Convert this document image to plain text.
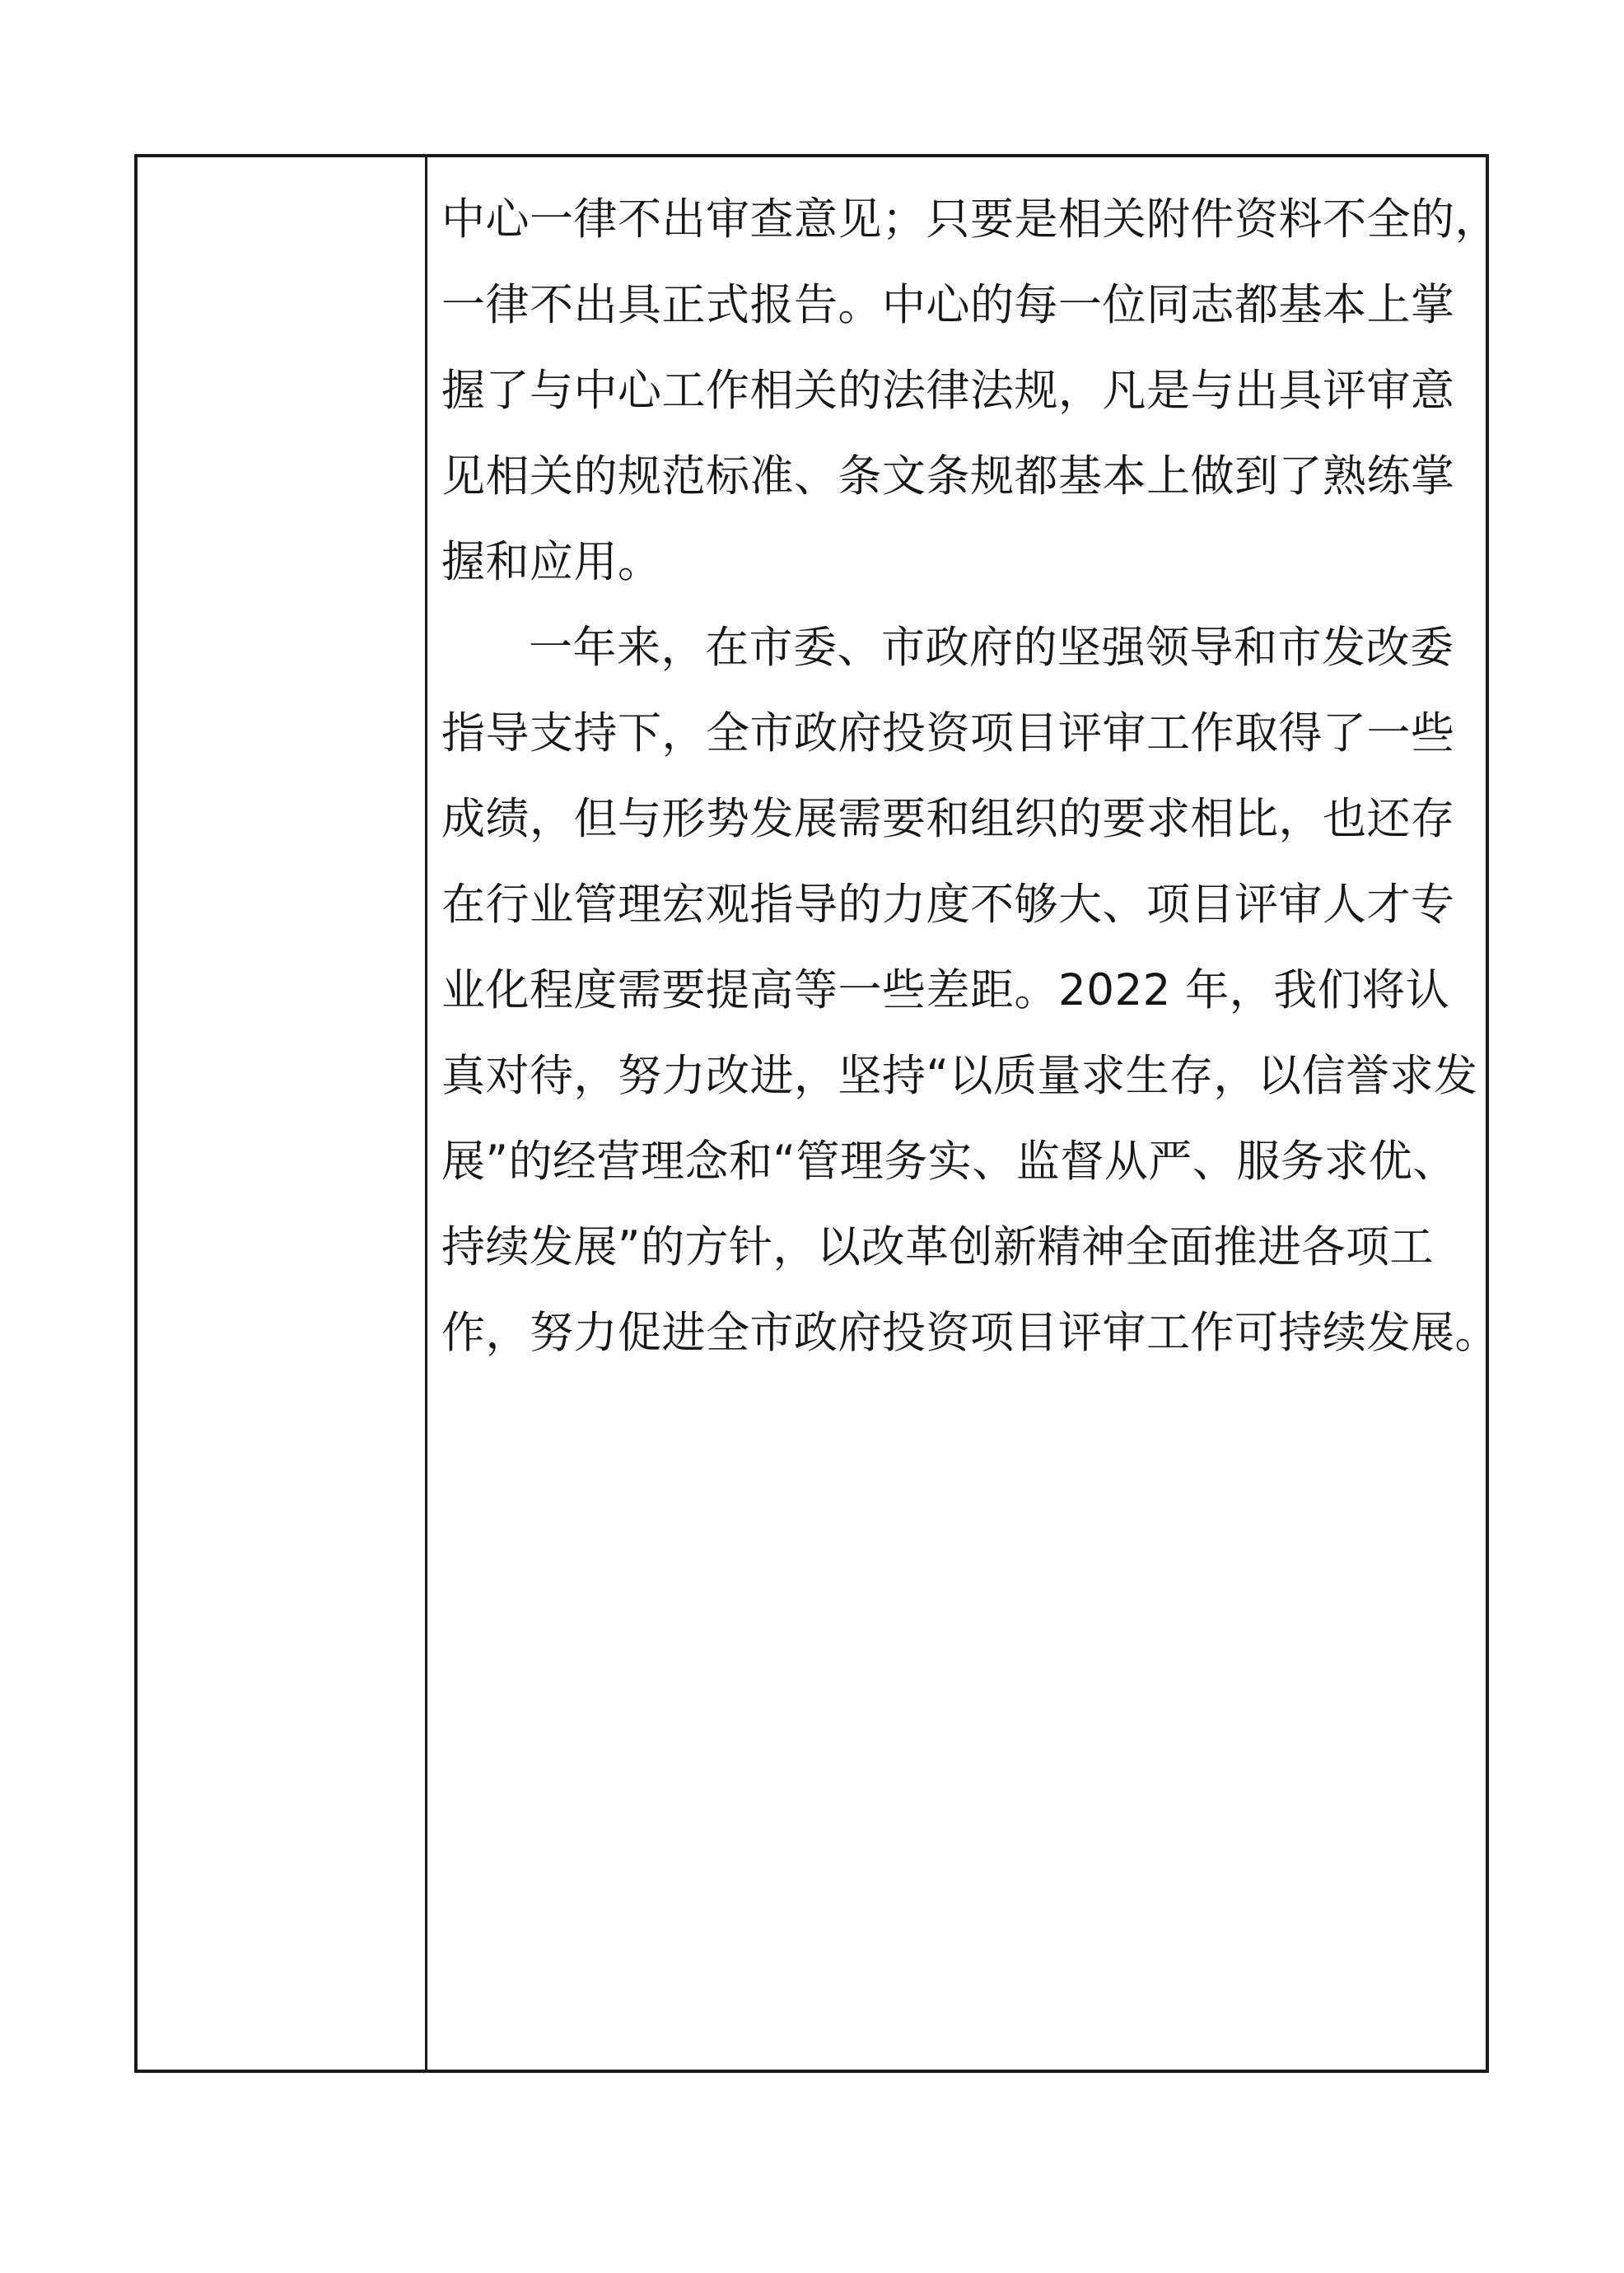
中心一律不出审查意见；只要是相关附件资料不全的，
一律不出具正式报告。中心的每一位同志都基本上掌
握了与中心工作相关的法律法规，凡是与出具评审意
见相关的规范标准、条文条规都基本上做到了熟练掌
握和应用。

一年来，在市委、市政府的坚强领导和市发改委
指导支持下，全市政府投资项目评审工作取得了一些
成绩，但与形势发展需要和组织的要求相比，也还存
在行业管理宏观指导的力度不够大、项目评审人才专
业化程度需要提高等一些差距。2022 年，我们将认
真对待，努力改进，坚持“以质量求生存，以信誉求发
展”的经营理念和“管理务实、监督从严、服务求优、
持续发展”的方针，以改革创新精神全面推进各项工
作，努力促进全市政府投资项目评审工作可持续发展。
